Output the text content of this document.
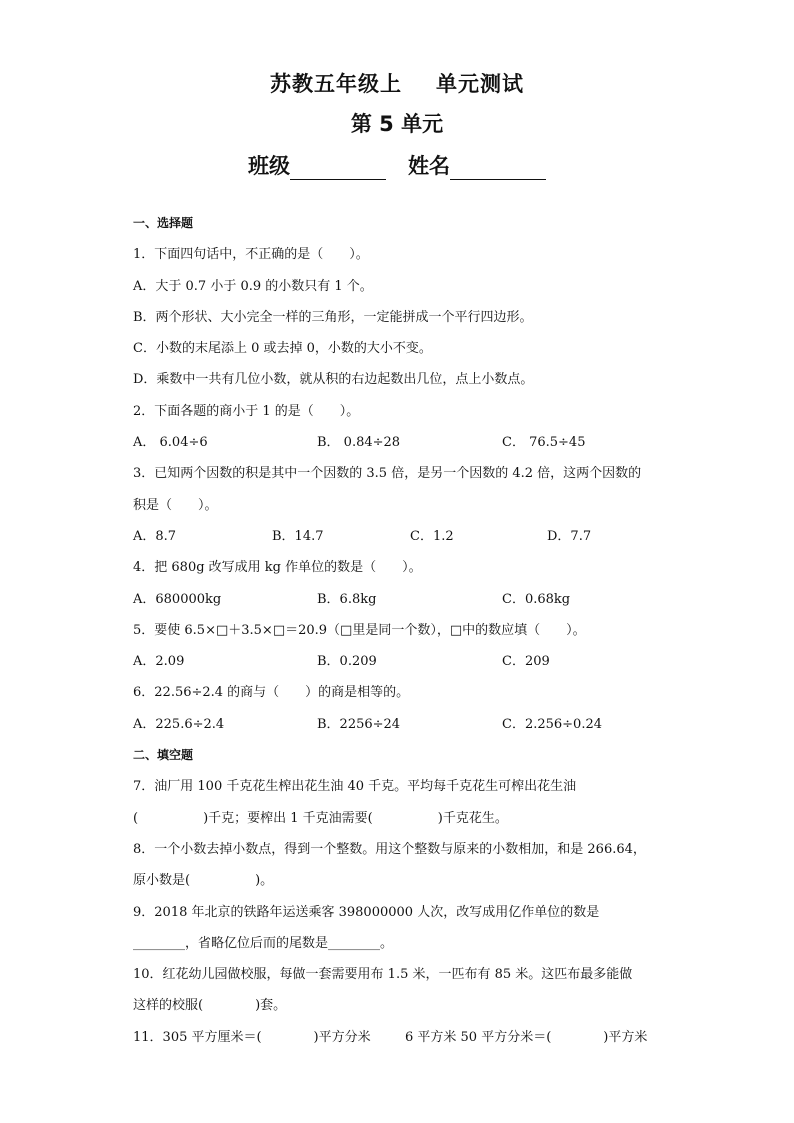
苏教五年级上 单元测试
第 5 单元
班级	姓名
一、选择题
1．下面四句话中，不正确的是（　　）。
A．大于 0.7 小于 0.9 的小数只有 1 个。
B．两个形状、大小完全一样的三角形，一定能拼成一个平行四边形。
C．小数的末尾添上 0 或去掉 0，小数的大小不变。
D．乘数中一共有几位小数，就从积的右边起数出几位，点上小数点。
2．下面各题的商小于 1 的是（　　）。
A． 6.04÷6	B． 0.84÷28	C． 76.5÷45
3．已知两个因数的积是其中一个因数的 3.5 倍，是另一个因数的 4.2 倍，这两个因数的
积是（　　）。
A．8.7	B．14.7	C．1.2	D．7.7
4．把 680g 改写成用 kg 作单位的数是（　　）。
A．680000kg	B．6.8kg	C．0.68kg
5．要使 6.5×□＋3.5×□＝20.9（□里是同一个数），□中的数应填（　　）。
A．2.09	B．0.209	C．209
6．22.56÷2.4 的商与（　　）的商是相等的。
A．225.6÷2.4	B．2256÷24	C．2.256÷0.24
二、填空题
7．油厂用 100 千克花生榨出花生油 40 千克。平均每千克花生可榨出花生油
(　　　　　)千克；要榨出 1 千克油需要(　　　　　)千克花生。
8．一个小数去掉小数点，得到一个整数。用这个整数与原来的小数相加，和是 266.64，
原小数是(　　　　　)。
9．2018 年北京的铁路年运送乘客 398000000 人次，改写成用亿作单位的数是
________，省略亿位后而的尾数是________。
10．红花幼儿园做校服，每做一套需要用布 1.5 米，一匹布有 85 米。这匹布最多能做
这样的校服(　　　　)套。
11．305 平方厘米＝(　　　　)平方分米	6 平方米 50 平方分米＝(　　　　)平方米
